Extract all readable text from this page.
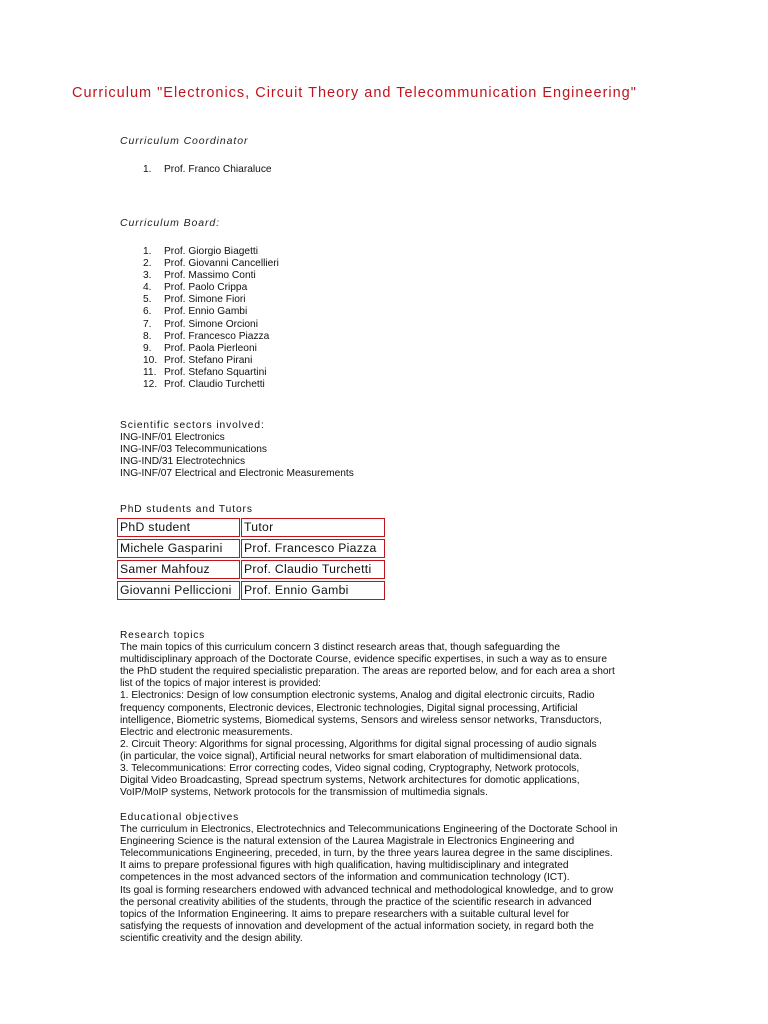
Curriculum "Electronics, Circuit Theory and Telecommunication Engineering"
Curriculum Coordinator
1. Prof. Franco Chiaraluce
Curriculum Board:
1. Prof. Giorgio Biagetti
2. Prof. Giovanni Cancellieri
3. Prof. Massimo Conti
4. Prof. Paolo Crippa
5. Prof. Simone Fiori
6. Prof. Ennio Gambi
7. Prof. Simone Orcioni
8. Prof. Francesco Piazza
9. Prof. Paola Pierleoni
10. Prof. Stefano Pirani
11. Prof. Stefano Squartini
12. Prof. Claudio Turchetti
Scientific sectors involved:
ING-INF/01 Electronics
ING-INF/03 Telecommunications
ING-IND/31 Electrotechnics
ING-INF/07 Electrical and Electronic Measurements
PhD students and Tutors
PhD student	Tutor
Michele Gasparini	Prof. Francesco Piazza
Samer Mahfouz	Prof. Claudio Turchetti
Giovanni Pelliccioni	Prof. Ennio Gambi
Research topics
The main topics of this curriculum concern 3 distinct research areas that, though safeguarding the
multidisciplinary approach of the Doctorate Course, evidence specific expertises, in such a way as to ensure
the PhD student the required specialistic preparation. The areas are reported below, and for each area a short
list of the topics of major interest is provided:
1. Electronics: Design of low consumption electronic systems, Analog and digital electronic circuits, Radio
frequency components, Electronic devices, Electronic technologies, Digital signal processing, Artificial
intelligence, Biometric systems, Biomedical systems, Sensors and wireless sensor networks, Transductors,
Electric and electronic measurements.
2. Circuit Theory: Algorithms for signal processing, Algorithms for digital signal processing of audio signals
(in particular, the voice signal), Artificial neural networks for smart elaboration of multidimensional data.
3. Telecommunications: Error correcting codes, Video signal coding, Cryptography, Network protocols,
Digital Video Broadcasting, Spread spectrum systems, Network architectures for domotic applications,
VoIP/MoIP systems, Network protocols for the transmission of multimedia signals.
Educational objectives
The curriculum in Electronics, Electrotechnics and Telecommunications Engineering of the Doctorate School in
Engineering Science is the natural extension of the Laurea Magistrale in Electronics Engineering and
Telecommunications Engineering, preceded, in turn, by the three years laurea degree in the same disciplines.
It aims to prepare professional figures with high qualification, having multidisciplinary and integrated
competences in the most advanced sectors of the information and communication technology (ICT).
Its goal is forming researchers endowed with advanced technical and methodological knowledge, and to grow
the personal creativity abilities of the students, through the practice of the scientific research in advanced
topics of the Information Engineering. It aims to prepare researchers with a suitable cultural level for
satisfying the requests of innovation and development of the actual information society, in regard both the
scientific creativity and the design ability.
